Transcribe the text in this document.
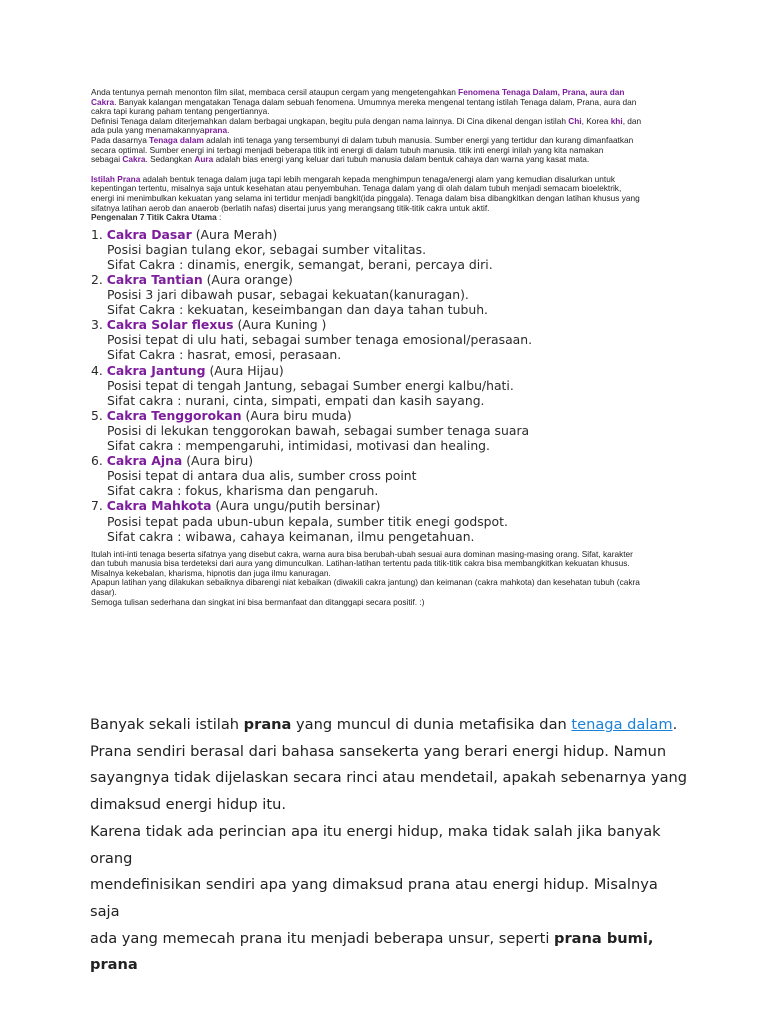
Anda tentunya pernah menonton film silat, membaca cersil ataupun cergam yang mengetengahkan Fenomena Tenaga Dalam, Prana, aura dan
Cakra. Banyak kalangan mengatakan Tenaga dalam sebuah fenomena. Umumnya mereka mengenal tentang istilah Tenaga dalam, Prana, aura dan
cakra tapi kurang paham tentang pengertiannya.

Definisi Tenaga dalam diterjemahkan dalam berbagai ungkapan, begitu pula dengan nama lainnya. Di Cina dikenal dengan istilah Chi, Korea khi, dan
ada pula yang menamakannyaprana.

Pada dasarnya Tenaga dalam adalah inti tenaga yang tersembunyi di dalam tubuh manusia. Sumber energi yang tertidur dan kurang dimanfaatkan
secara optimal. Sumber energi ini terbagi menjadi beberapa titik inti energi di dalam tubuh manusia. titik inti energi inilah yang kita namakan
sebagai Cakra. Sedangkan Aura adalah bias energi yang keluar dari tubuh manusia dalam bentuk cahaya dan warna yang kasat mata.

Istilah Prana adalah bentuk tenaga dalam juga tapi lebih mengarah kepada menghimpun tenaga/energi alam yang kemudian disalurkan untuk
kepentingan tertentu, misalnya saja untuk kesehatan atau penyembuhan. Tenaga dalam yang di olah dalam tubuh menjadi semacam bioelektrik,
energi ini menimbulkan kekuatan yang selama ini tertidur menjadi bangkit(ida pinggala). Tenaga dalam bisa dibangkitkan dengan latihan khusus yang
sifatnya latihan aerob dan anaerob (berlatih nafas) disertai jurus yang merangsang titik-titik cakra untuk aktif.

Pengenalan 7 Titik Cakra Utama :

1. Cakra Dasar (Aura Merah)
Posisi bagian tulang ekor, sebagai sumber vitalitas.
Sifat Cakra : dinamis, energik, semangat, berani, percaya diri.
2. Cakra Tantian (Aura orange)
Posisi 3 jari dibawah pusar, sebagai kekuatan(kanuragan).
Sifat Cakra : kekuatan, keseimbangan dan daya tahan tubuh.
3. Cakra Solar flexus (Aura Kuning )
Posisi tepat di ulu hati, sebagai sumber tenaga emosional/perasaan.
Sifat Cakra : hasrat, emosi, perasaan.
4. Cakra Jantung (Aura Hijau)
Posisi tepat di tengah Jantung, sebagai Sumber energi kalbu/hati.
Sifat cakra : nurani, cinta, simpati, empati dan kasih sayang.
5. Cakra Tenggorokan (Aura biru muda)
Posisi di lekukan tenggorokan bawah, sebagai sumber tenaga suara
Sifat cakra : mempengaruhi, intimidasi, motivasi dan healing.
6. Cakra Ajna (Aura biru)
Posisi tepat di antara dua alis, sumber cross point
Sifat cakra : fokus, kharisma dan pengaruh.
7. Cakra Mahkota (Aura ungu/putih bersinar)
Posisi tepat pada ubun-ubun kepala, sumber titik enegi godspot.
Sifat cakra : wibawa, cahaya keimanan, ilmu pengetahuan.

Itulah inti-inti tenaga beserta sifatnya yang disebut cakra, warna aura bisa berubah-ubah sesuai aura dominan masing-masing orang. Sifat, karakter
dan tubuh manusia bisa terdeteksi dari aura yang dimunculkan. Latihan-latihan tertentu pada titik-titik cakra bisa membangkitkan kekuatan khusus.
Misalnya kekebalan, kharisma, hipnotis dan juga ilmu kanuragan.

Apapun latihan yang dilakukan sebaiknya dibarengi niat kebaikan (diwakili cakra jantung) dan keimanan (cakra mahkota) dan kesehatan tubuh (cakra
dasar).

Semoga tulisan sederhana dan singkat ini bisa bermanfaat dan ditanggapi secara positif. :)

Banyak sekali istilah prana yang muncul di dunia metafisika dan tenaga dalam.
Prana sendiri berasal dari bahasa sansekerta yang berari energi hidup. Namun
sayangnya tidak dijelaskan secara rinci atau mendetail, apakah sebenarnya yang
dimaksud energi hidup itu.

Karena tidak ada perincian apa itu energi hidup, maka tidak salah jika banyak orang
mendefinisikan sendiri apa yang dimaksud prana atau energi hidup. Misalnya saja
ada yang memecah prana itu menjadi beberapa unsur, seperti prana bumi, prana
